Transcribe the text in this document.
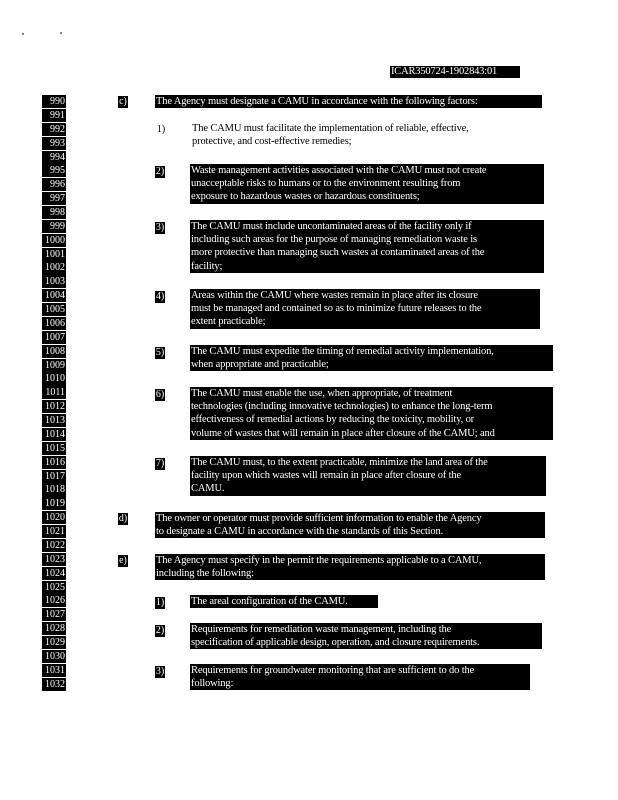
ICAR350724-1902843:01
990
991
992
993
994
995
996
997
998
999
1000
1001
1002
1003
1004
1005
1006
1007
1008
1009
1010
1011
1012
1013
1014
1015
1016
1017
1018
1019
1020
1021
1022
1023
1024
1025
1026
1027
1028
1029
1030
1031
1032
c)	The Agency must designate a CAMU in accordance with the following factors:
1)	The CAMU must facilitate the implementation of reliable, effective,
protective, and cost-effective remedies;
2)	Waste management activities associated with the CAMU must not create
unacceptable risks to humans or to the environment resulting from
exposure to hazardous wastes or hazardous constituents;
3)	The CAMU must include uncontaminated areas of the facility only if
including such areas for the purpose of managing remediation waste is
more protective than managing such wastes at contaminated areas of the
facility;
4)	Areas within the CAMU where wastes remain in place after its closure
must be managed and contained so as to minimize future releases to the
extent practicable;
5)	The CAMU must expedite the timing of remedial activity implementation,
when appropriate and practicable;
6)	The CAMU must enable the use, when appropriate, of treatment
technologies (including innovative technologies) to enhance the long-term
effectiveness of remedial actions by reducing the toxicity, mobility, or
volume of wastes that will remain in place after closure of the CAMU; and
7)	The CAMU must, to the extent practicable, minimize the land area of the
facility upon which wastes will remain in place after closure of the
CAMU.
d)	The owner or operator must provide sufficient information to enable the Agency
to designate a CAMU in accordance with the standards of this Section.
e)	The Agency must specify in the permit the requirements applicable to a CAMU,
including the following:
1)	The areal configuration of the CAMU.
2)	Requirements for remediation waste management, including the
specification of applicable design, operation, and closure requirements.
3)	Requirements for groundwater monitoring that are sufficient to do the
following:
